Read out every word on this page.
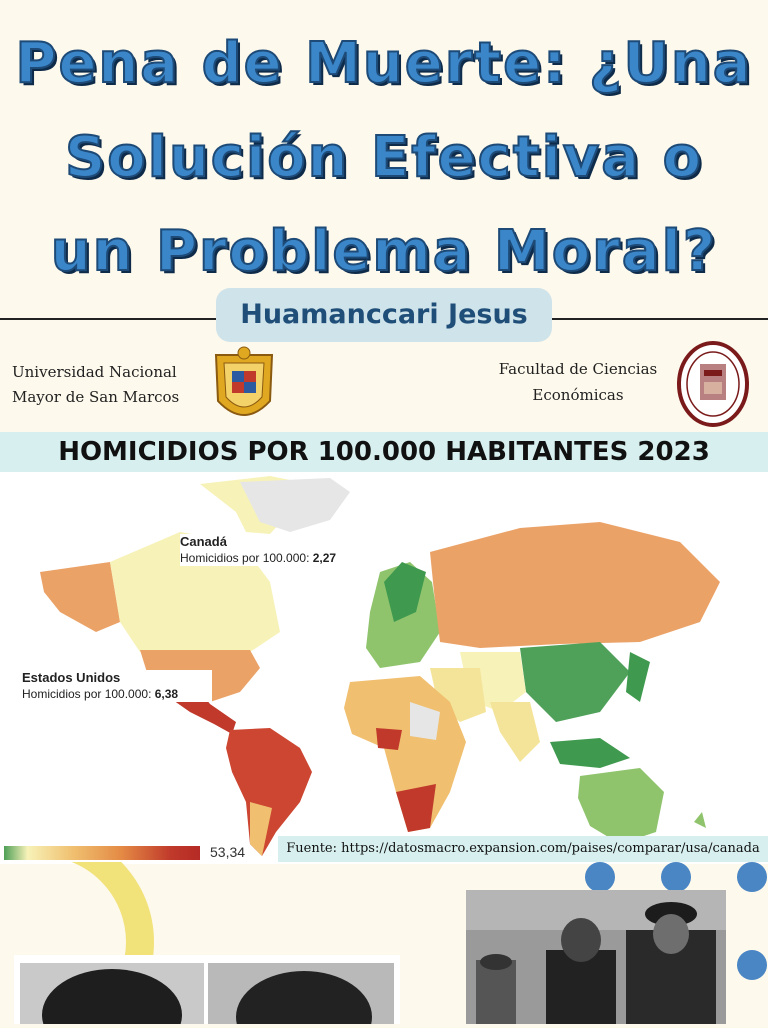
Pena de Muerte: ¿Una
Solución Efectiva o
un Problema Moral?
Huamanccari Jesus
Universidad Nacional
Mayor de San Marcos
Facultad de Ciencias
Económicas
HOMICIDIOS POR 100.000 HABITANTES 2023
Canadá
Homicidios por 100.000: 2,27
Estados Unidos
Homicidios por 100.000: 6,38
53,34	Fuente: https://datosmacro.expansion.com/paises/comparar/usa/canada
